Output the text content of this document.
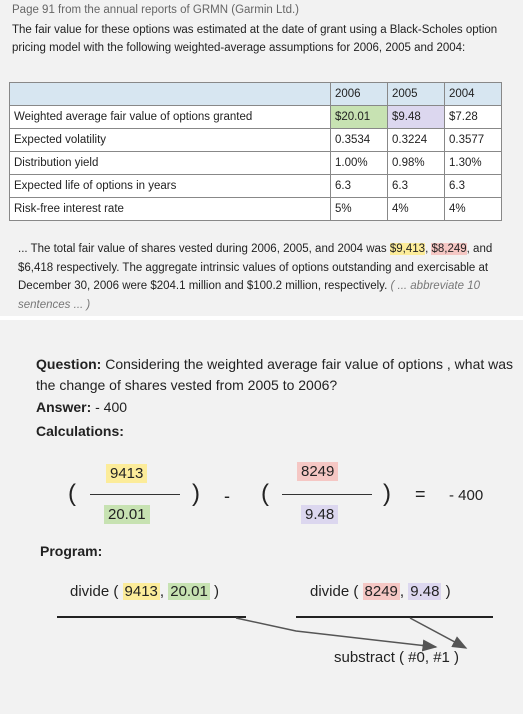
Page 91 from the annual reports of GRMN (Garmin Ltd.)
The fair value for these options was estimated at the date of grant using a Black-Scholes option pricing model with the following weighted-average assumptions for 2006, 2005 and 2004:
	2006	2005	2004
Weighted average fair value of options granted	$20.01	$9.48	$7.28
Expected volatility	0.3534	0.3224	0.3577
Distribution yield	1.00%	0.98%	1.30%
Expected life of options in years	6.3	6.3	6.3
Risk-free interest rate	5%	4%	4%
... The total fair value of shares vested during 2006, 2005, and 2004 was $9,413, $8,249, and $6,418 respectively. The aggregate intrinsic values of options outstanding and exercisable at December 30, 2006 were $204.1 million and $100.2 million, respectively. ( ... abbreviate 10 sentences ... )
Question: Considering the weighted average fair value of options , what was the change of shares vested from 2005 to 2006?
Answer: - 400
Calculations:
(
9413
20.01
) - (
8249
9.48
) = - 400
Program:
divide ( 9413 , 20.01 )	divide ( 8249 , 9.48 )
substract ( #0, #1 )
